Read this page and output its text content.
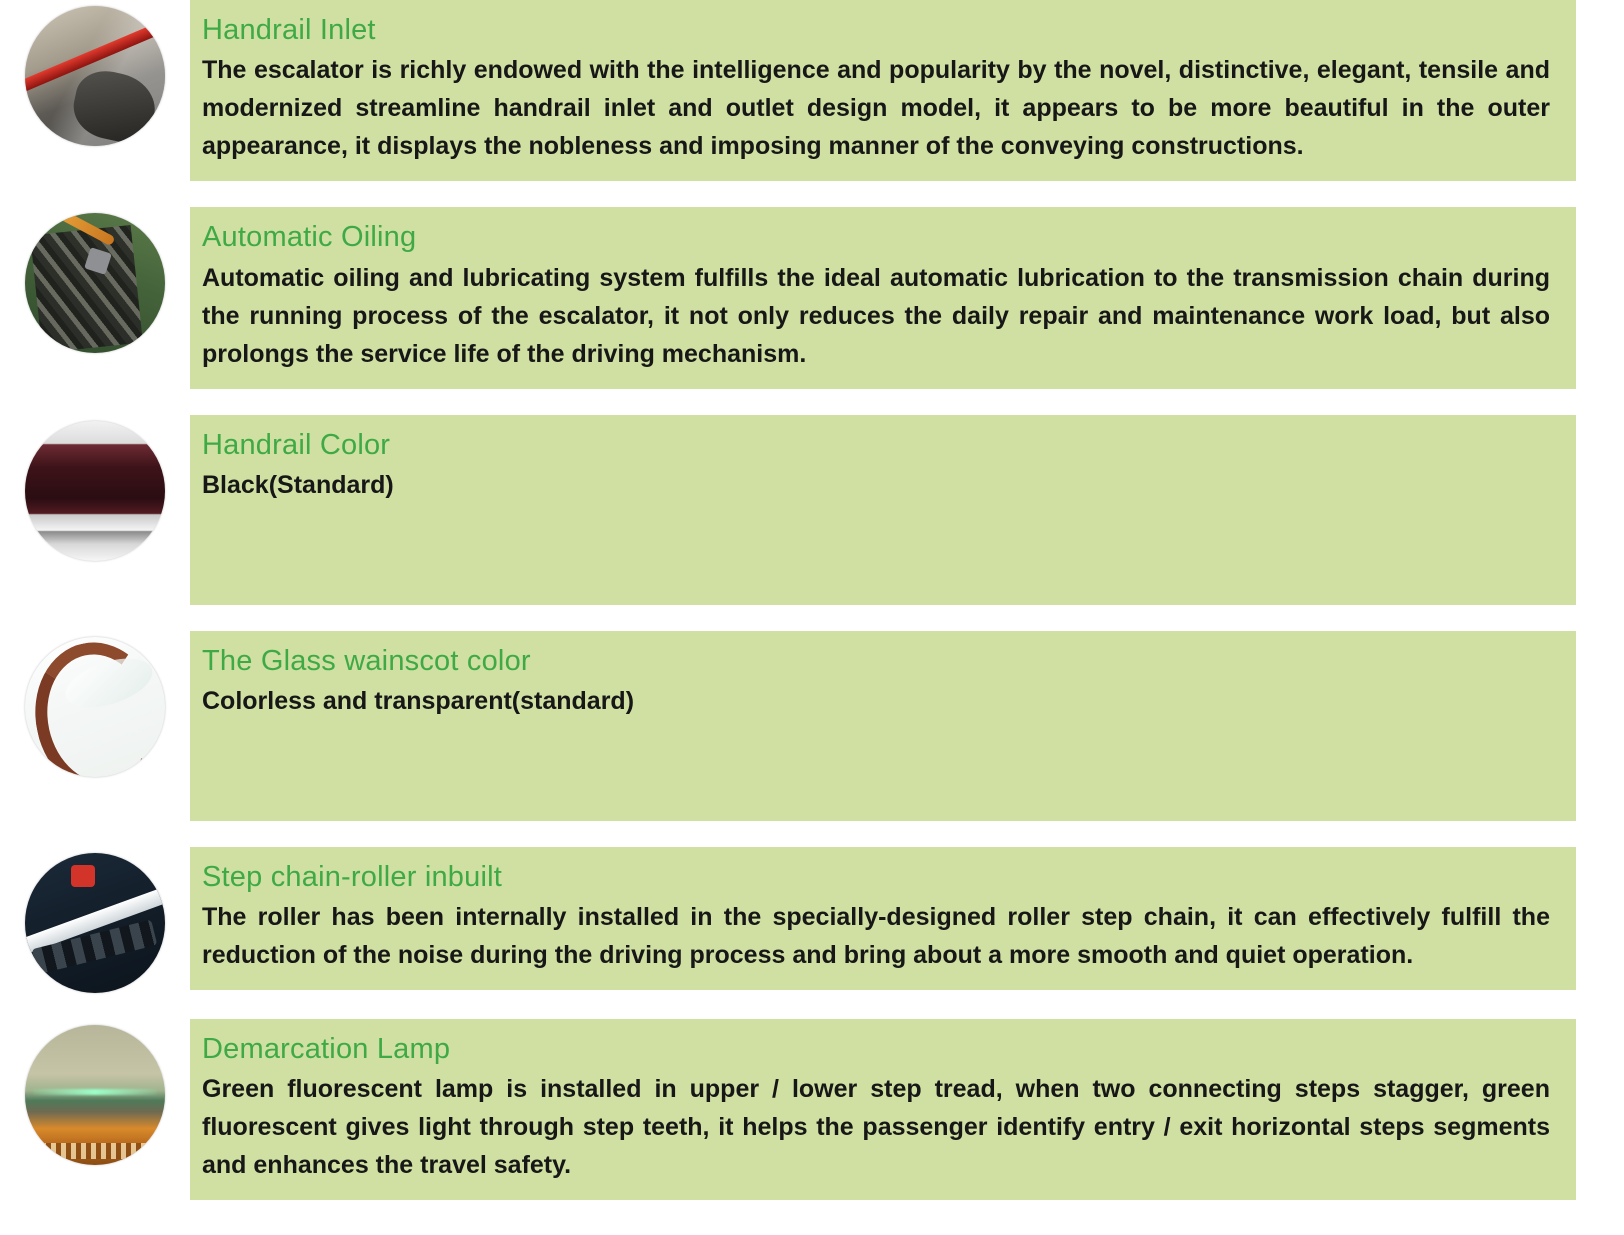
Handrail Inlet

The escalator is richly endowed with the intelligence and popularity by the novel, distinctive, elegant, tensile and modernized streamline handrail inlet and outlet design model, it appears to be more beautiful in the outer appearance, it displays the nobleness and imposing manner of the conveying constructions.

Automatic Oiling

Automatic oiling and lubricating system fulfills the ideal automatic lubrication to the transmission chain during the running process of the escalator, it not only reduces the daily repair and maintenance work load, but also prolongs the service life of the driving mechanism.

Handrail Color

Black(Standard)

The Glass wainscot color

Colorless and transparent(standard)

Step chain-roller inbuilt

The roller has been internally installed in the specially-designed roller step chain, it can effectively fulfill the reduction of the noise during the driving process and bring about a more smooth and quiet operation.

Demarcation Lamp

Green fluorescent lamp is installed in upper / lower step tread, when two connecting steps stagger, green fluorescent gives light through step teeth, it helps the passenger identify entry / exit horizontal steps segments and enhances the travel safety.
